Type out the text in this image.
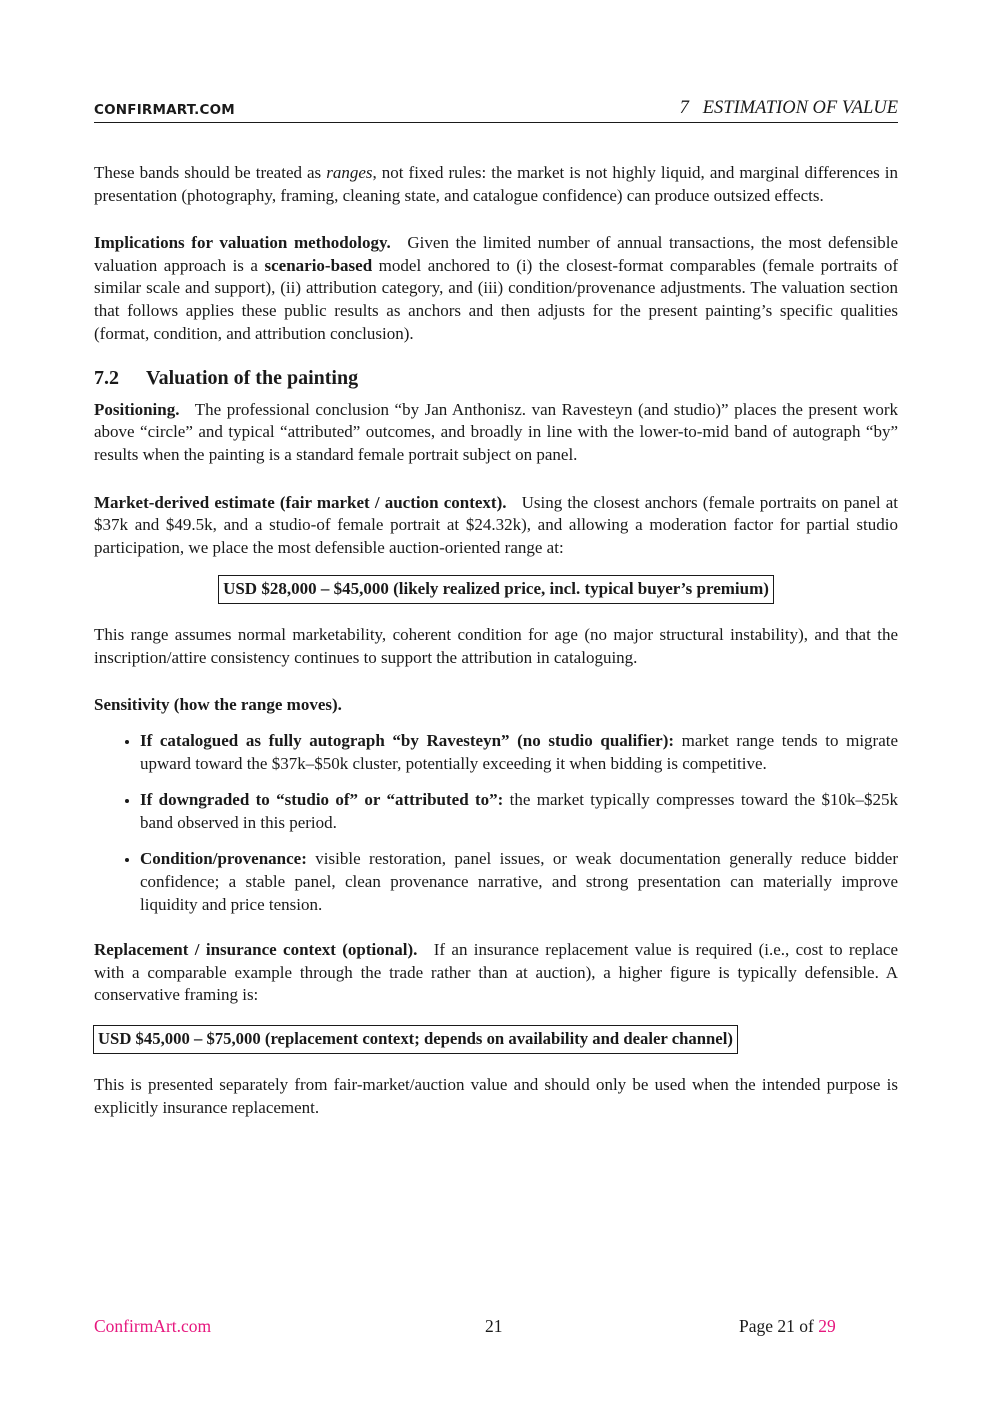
CONFIRMART.COM	7 ESTIMATION OF VALUE

These bands should be treated as ranges, not fixed rules: the market is not highly liquid, and marginal differences in presentation (photography, framing, cleaning state, and catalogue confidence) can produce outsized effects.

Implications for valuation methodology. Given the limited number of annual transactions, the most defensible valuation approach is a scenario-based model anchored to (i) the closest-format comparables (female portraits of similar scale and support), (ii) attribution category, and (iii) condition/provenance adjustments. The valuation section that follows applies these public results as anchors and then adjusts for the present painting’s specific qualities (format, condition, and attribution conclusion).

7.2 Valuation of the painting

Positioning. The professional conclusion “by Jan Anthonisz. van Ravesteyn (and studio)” places the present work above “circle” and typical “attributed” outcomes, and broadly in line with the lower-to-mid band of autograph “by” results when the painting is a standard female portrait subject on panel.

Market-derived estimate (fair market / auction context). Using the closest anchors (female portraits on panel at $37k and $49.5k, and a studio-of female portrait at $24.32k), and allowing a moderation factor for partial studio participation, we place the most defensible auction-oriented range at:

USD $28,000 – $45,000 (likely realized price, incl. typical buyer’s premium)

This range assumes normal marketability, coherent condition for age (no major structural instability), and that the inscription/attire consistency continues to support the attribution in cataloguing.

Sensitivity (how the range moves).

• If catalogued as fully autograph “by Ravesteyn” (no studio qualifier): market range tends to migrate upward toward the $37k–$50k cluster, potentially exceeding it when bidding is competitive.
• If downgraded to “studio of” or “attributed to”: the market typically compresses toward the $10k–$25k band observed in this period.
• Condition/provenance: visible restoration, panel issues, or weak documentation generally reduce bidder confidence; a stable panel, clean provenance narrative, and strong presentation can materially improve liquidity and price tension.

Replacement / insurance context (optional). If an insurance replacement value is required (i.e., cost to replace with a comparable example through the trade rather than at auction), a higher figure is typically defensible. A conservative framing is:

USD $45,000 – $75,000 (replacement context; depends on availability and dealer channel)

This is presented separately from fair-market/auction value and should only be used when the intended purpose is explicitly insurance replacement.

ConfirmArt.com	21	Page 21 of 29
